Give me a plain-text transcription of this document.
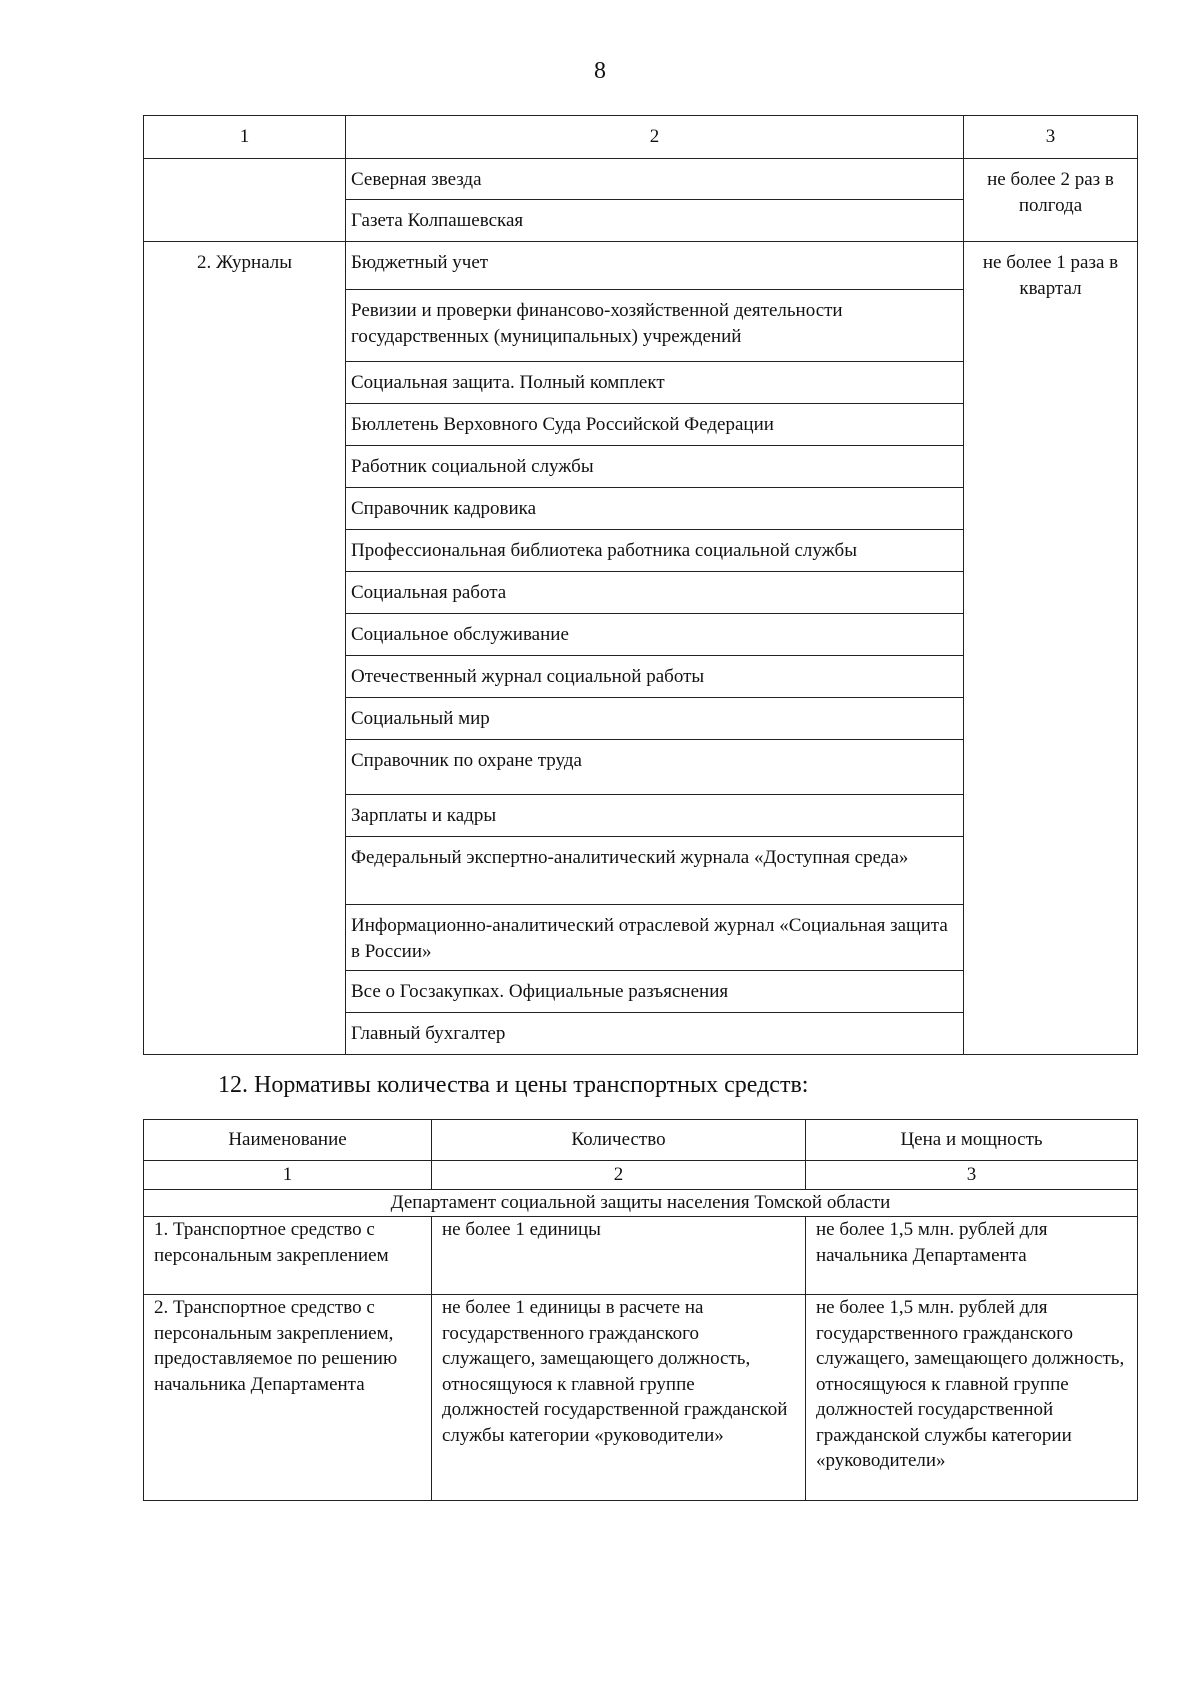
8
1	2	3
	Северная звезда	не более 2 раз в полгода
	Газета Колпашевская	
2. Журналы	Бюджетный учет	не более 1 раза в квартал
	Ревизии и проверки финансово-хозяйственной деятельности государственных (муниципальных) учреждений	
	Социальная защита. Полный комплект	
	Бюллетень Верховного Суда Российской Федерации	
	Работник социальной службы	
	Справочник кадровика	
	Профессиональная библиотека работника социальной службы	
	Социальная работа	
	Социальное обслуживание	
	Отечественный журнал социальной работы	
	Социальный мир	
	Справочник по охране труда	
	Зарплаты и кадры	
	Федеральный экспертно-аналитический журнала «Доступная среда»	
	Информационно-аналитический отраслевой журнал «Социальная защита в России»	
	Все о Госзакупках. Официальные разъяснения	
	Главный бухгалтер	
12. Нормативы количества и цены транспортных средств:
Наименование	Количество	Цена и мощность
1	2	3
Департамент социальной защиты населения Томской области		
1. Транспортное средство с персональным закреплением	не более 1 единицы	не более 1,5 млн. рублей для начальника Департамента
2. Транспортное средство с персональным закреплением, предоставляемое по решению начальника Департамента	не более 1 единицы в расчете на государственного гражданского служащего, замещающего должность, относящуюся к главной группе должностей государственной гражданской службы категории «руководители»	не более 1,5 млн. рублей для государственного гражданского служащего, замещающего должность, относящуюся к главной группе должностей государственной гражданской службы категории «руководители»
